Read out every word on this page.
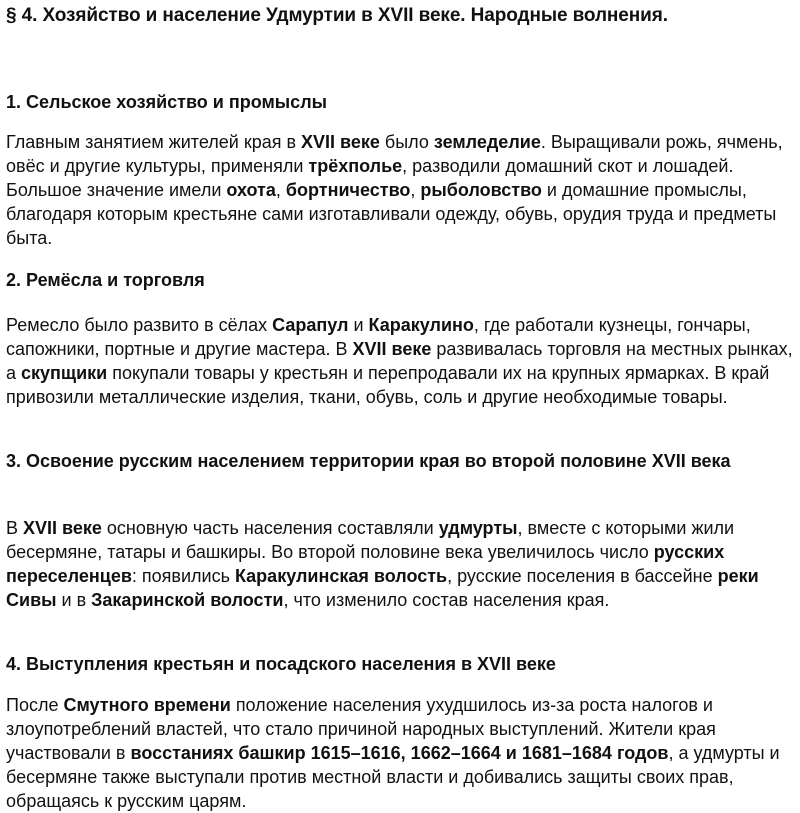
§ 4. Хозяйство и население Удмуртии в XVII веке. Народные волнения.
1. Сельское хозяйство и промыслы

Главным занятием жителей края в XVII веке было земледелие. Выращивали рожь, ячмень, овёс и другие культуры, применяли трёхполье, разводили домашний скот и лошадей. Большое значение имели охота, бортничество, рыболовство и домашние промыслы, благодаря которым крестьяне сами изготавливали одежду, обувь, орудия труда и предметы быта.

2. Ремёсла и торговля

Ремесло было развито в сёлах Сарапул и Каракулино, где работали кузнецы, гончары, сапожники, портные и другие мастера. В XVII веке развивалась торговля на местных рынках, а скупщики покупали товары у крестьян и перепродавали их на крупных ярмарках. В край привозили металлические изделия, ткани, обувь, соль и другие необходимые товары.

3. Освоение русским населением территории края во второй половине XVII века

В XVII веке основную часть населения составляли удмурты, вместе с которыми жили бесермяне, татары и башкиры. Во второй половине века увеличилось число русских переселенцев: появились Каракулинская волость, русские поселения в бассейне реки Сивы и в Закаринской волости, что изменило состав населения края.

4. Выступления крестьян и посадского населения в XVII веке

После Смутного времени положение населения ухудшилось из-за роста налогов и злоупотреблений властей, что стало причиной народных выступлений. Жители края участвовали в восстаниях башкир 1615–1616, 1662–1664 и 1681–1684 годов, а удмурты и бесермяне также выступали против местной власти и добивались защиты своих прав, обращаясь к русским царям.
